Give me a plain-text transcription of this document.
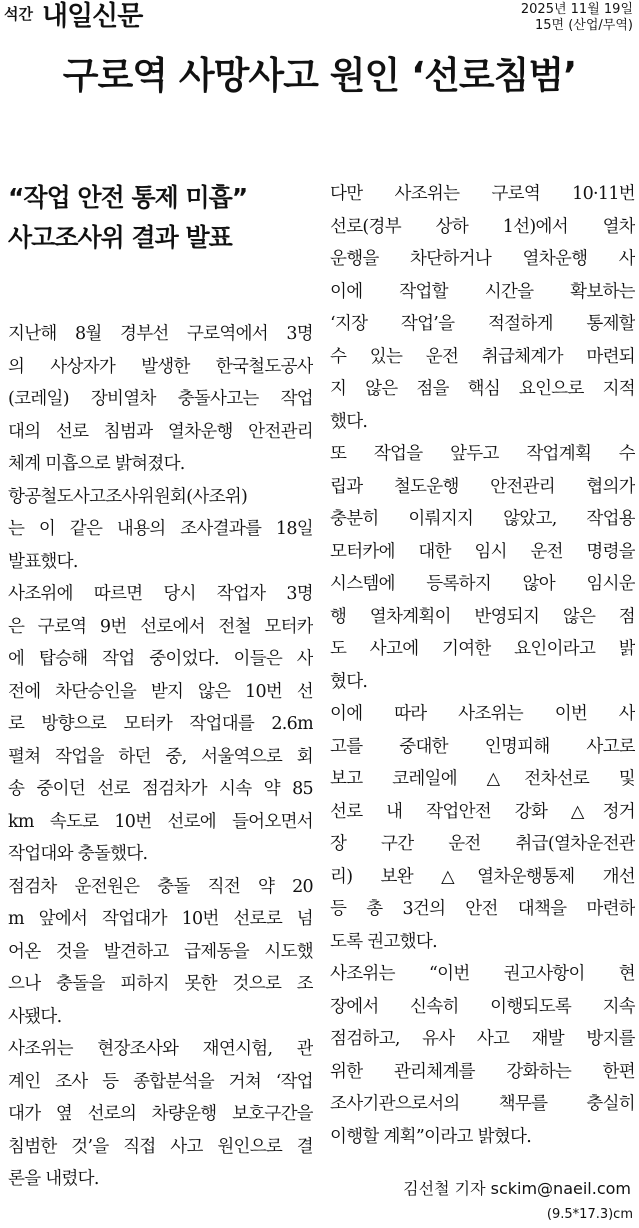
석간 내일신문	2025년 11월 19일
15면 (산업/무역)
구로역 사망사고 원인 ‘선로침범’
“작업 안전 통제 미흡”
사고조사위 결과 발표
지난해 8월 경부선 구로역에서 3명
의 사상자가 발생한 한국철도공사
(코레일) 장비열차 충돌사고는 작업
대의 선로 침범과 열차운행 안전관리
체계 미흡으로 밝혀졌다.
항공철도사고조사위원회(사조위)
는 이 같은 내용의 조사결과를 18일
발표했다.
사조위에 따르면 당시 작업자 3명
은 구로역 9번 선로에서 전철 모터카
에 탑승해 작업 중이었다. 이들은 사
전에 차단승인을 받지 않은 10번 선
로 방향으로 모터카 작업대를 2.6m
펼쳐 작업을 하던 중, 서울역으로 회
송 중이던 선로 점검차가 시속 약 85
km 속도로 10번 선로에 들어오면서
작업대와 충돌했다.
점검차 운전원은 충돌 직전 약 20
m 앞에서 작업대가 10번 선로로 넘
어온 것을 발견하고 급제동을 시도했
으나 충돌을 피하지 못한 것으로 조
사됐다.
사조위는 현장조사와 재연시험, 관
계인 조사 등 종합분석을 거쳐 ‘작업
대가 옆 선로의 차량운행 보호구간을
침범한 것’을 직접 사고 원인으로 결
론을 내렸다.
다만 사조위는 구로역 10·11번
선로(경부 상하 1선)에서 열차
운행을 차단하거나 열차운행 사
이에 작업할 시간을 확보하는
‘지장 작업’을 적절하게 통제할
수 있는 운전 취급체계가 마련되
지 않은 점을 핵심 요인으로 지적
했다.
또 작업을 앞두고 작업계획 수
립과 철도운행 안전관리 협의가
충분히 이뤄지지 않았고, 작업용
모터카에 대한 임시 운전 명령을
시스템에 등록하지 않아 임시운
행 열차계획이 반영되지 않은 점
도 사고에 기여한 요인이라고 밝
혔다.
이에 따라 사조위는 이번 사
고를 중대한 인명피해 사고로
보고 코레일에 △전차선로 및
선로 내 작업안전 강화 △정거
장 구간 운전 취급(열차운전관
리) 보완 △열차운행통제 개선
등 총 3건의 안전 대책을 마련하
도록 권고했다.
사조위는 “이번 권고사항이 현
장에서 신속히 이행되도록 지속
점검하고, 유사 사고 재발 방지를
위한 관리체계를 강화하는 한편
조사기관으로서의 책무를 충실히
이행할 계획”이라고 밝혔다.
김선철 기자 sckim@naeil.com
(9.5*17.3)cm
